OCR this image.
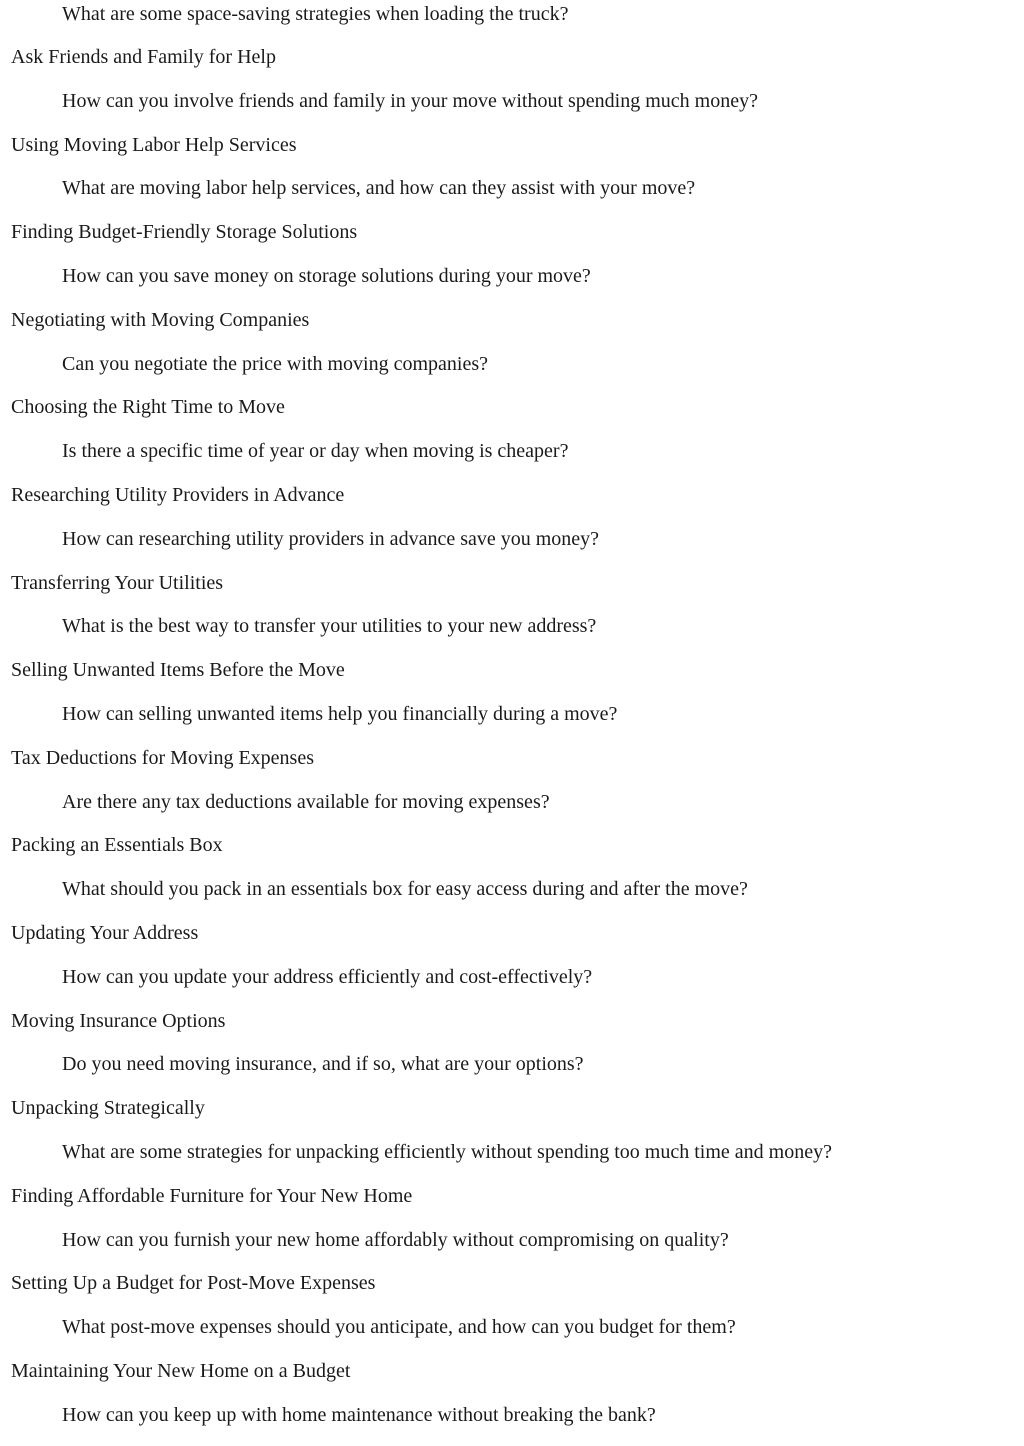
What are some space-saving strategies when loading the truck?
Ask Friends and Family for Help
How can you involve friends and family in your move without spending much money?
Using Moving Labor Help Services
What are moving labor help services, and how can they assist with your move?
Finding Budget-Friendly Storage Solutions
How can you save money on storage solutions during your move?
Negotiating with Moving Companies
Can you negotiate the price with moving companies?
Choosing the Right Time to Move
Is there a specific time of year or day when moving is cheaper?
Researching Utility Providers in Advance
How can researching utility providers in advance save you money?
Transferring Your Utilities
What is the best way to transfer your utilities to your new address?
Selling Unwanted Items Before the Move
How can selling unwanted items help you financially during a move?
Tax Deductions for Moving Expenses
Are there any tax deductions available for moving expenses?
Packing an Essentials Box
What should you pack in an essentials box for easy access during and after the move?
Updating Your Address
How can you update your address efficiently and cost-effectively?
Moving Insurance Options
Do you need moving insurance, and if so, what are your options?
Unpacking Strategically
What are some strategies for unpacking efficiently without spending too much time and money?
Finding Affordable Furniture for Your New Home
How can you furnish your new home affordably without compromising on quality?
Setting Up a Budget for Post-Move Expenses
What post-move expenses should you anticipate, and how can you budget for them?
Maintaining Your New Home on a Budget
How can you keep up with home maintenance without breaking the bank?
